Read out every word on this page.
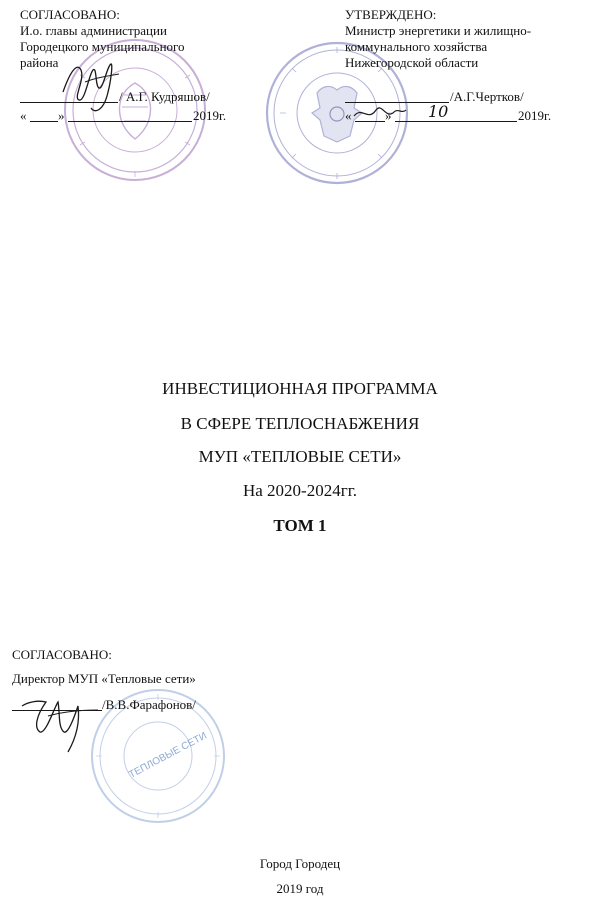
ТЕПЛОВЫЕ СЕТИ
СОГЛАСОВАНО:
И.о. главы администрации
Городецкого муниципального
района
/ А.Г. Кудряшов/
« »	2019г.
УТВЕРЖДЕНО:
Министр энергетики и жилищно-
коммунального хозяйства
Нижегородской области
/А.Г.Чертков/
«	» 10	2019г.
ИНВЕСТИЦИОННАЯ ПРОГРАММА
В СФЕРЕ ТЕПЛОСНАБЖЕНИЯ
МУП «ТЕПЛОВЫЕ СЕТИ»
На 2020-2024гг.
ТОМ 1
СОГЛАСОВАНО:
Директор МУП «Тепловые сети»
/В.В.Фарафонов/
Город Городец
2019 год
